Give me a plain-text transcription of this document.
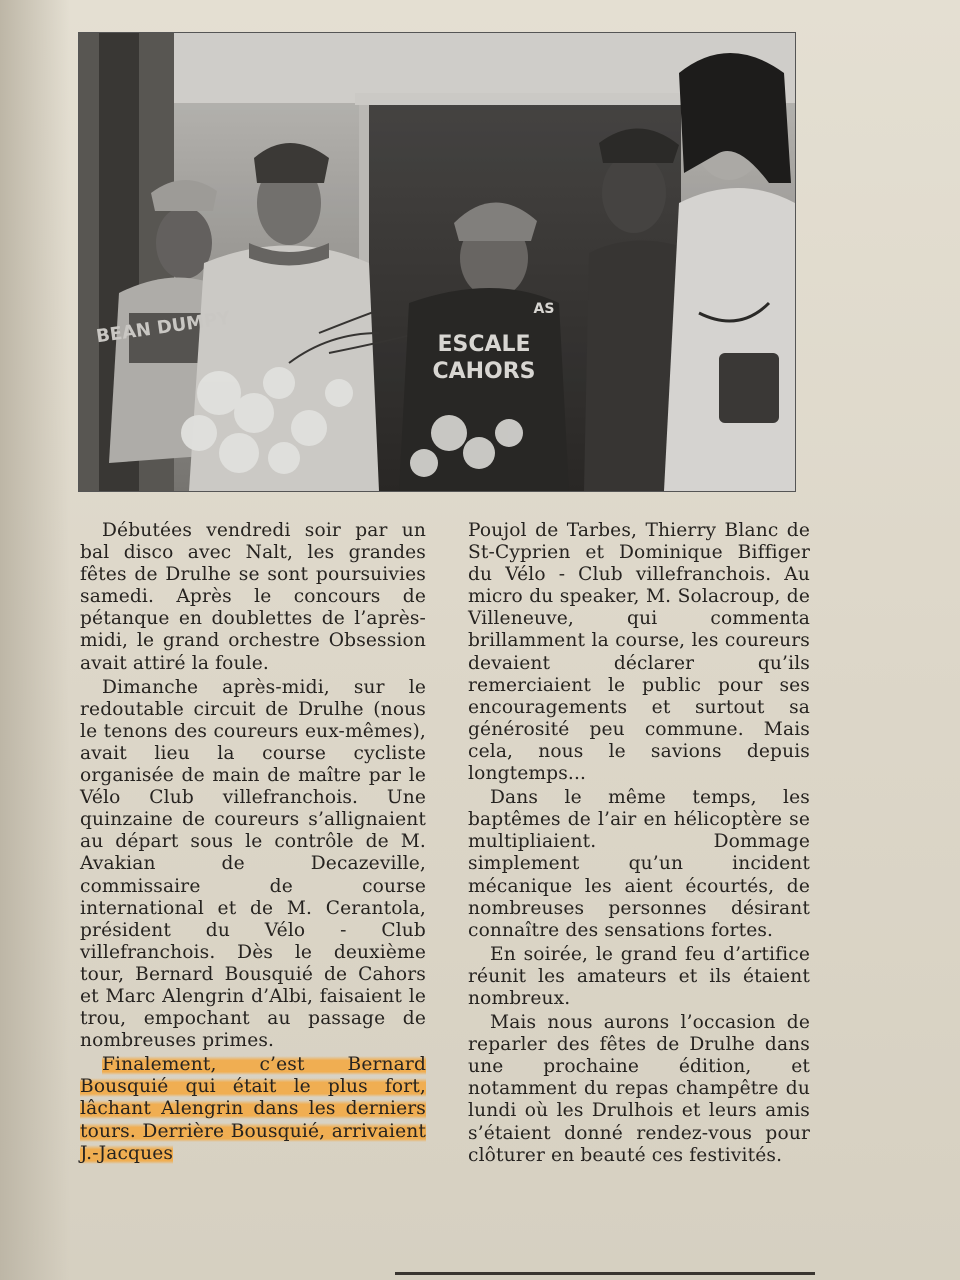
ESCALE
CAHORS
AS
BEAN DUMPY

Débutées vendredi soir par un bal disco avec Nalt, les grandes fêtes de Drulhe se sont poursuivies samedi. Après le concours de pétanque en doublettes de l’après-midi, le grand orchestre Obsession avait attiré la foule.

Dimanche après-midi, sur le redoutable circuit de Drulhe (nous le tenons des coureurs eux-mêmes), avait lieu la course cycliste organisée de main de maître par le Vélo Club villefranchois. Une quinzaine de coureurs s’allignaient au départ sous le contrôle de M. Avakian de Decazeville, commissaire de course international et de M. Cerantola, président du Vélo - Club villefranchois. Dès le deuxième tour, Bernard Bousquié de Cahors et Marc Alengrin d’Albi, faisaient le trou, empochant au passage de nombreuses primes.

Finalement, c’est Bernard Bousquié qui était le plus fort, lâchant Alengrin dans les derniers tours. Derrière Bousquié, arrivaient J.-Jacques

Poujol de Tarbes, Thierry Blanc de St-Cyprien et Dominique Biffiger du Vélo - Club villefranchois. Au micro du speaker, M. Solacroup, de Villeneuve, qui commenta brillamment la course, les coureurs devaient déclarer qu’ils remerciaient le public pour ses encouragements et surtout sa générosité peu commune. Mais cela, nous le savions depuis longtemps...

Dans le même temps, les baptêmes de l’air en hélicoptère se multipliaient. Dommage simplement qu’un incident mécanique les aient écourtés, de nombreuses personnes désirant connaître des sensations fortes.

En soirée, le grand feu d’artifice réunit les amateurs et ils étaient nombreux.

Mais nous aurons l’occasion de reparler des fêtes de Drulhe dans une prochaine édition, et notamment du repas champêtre du lundi où les Drulhois et leurs amis s’étaient donné rendez-vous pour clôturer en beauté ces festivités.
